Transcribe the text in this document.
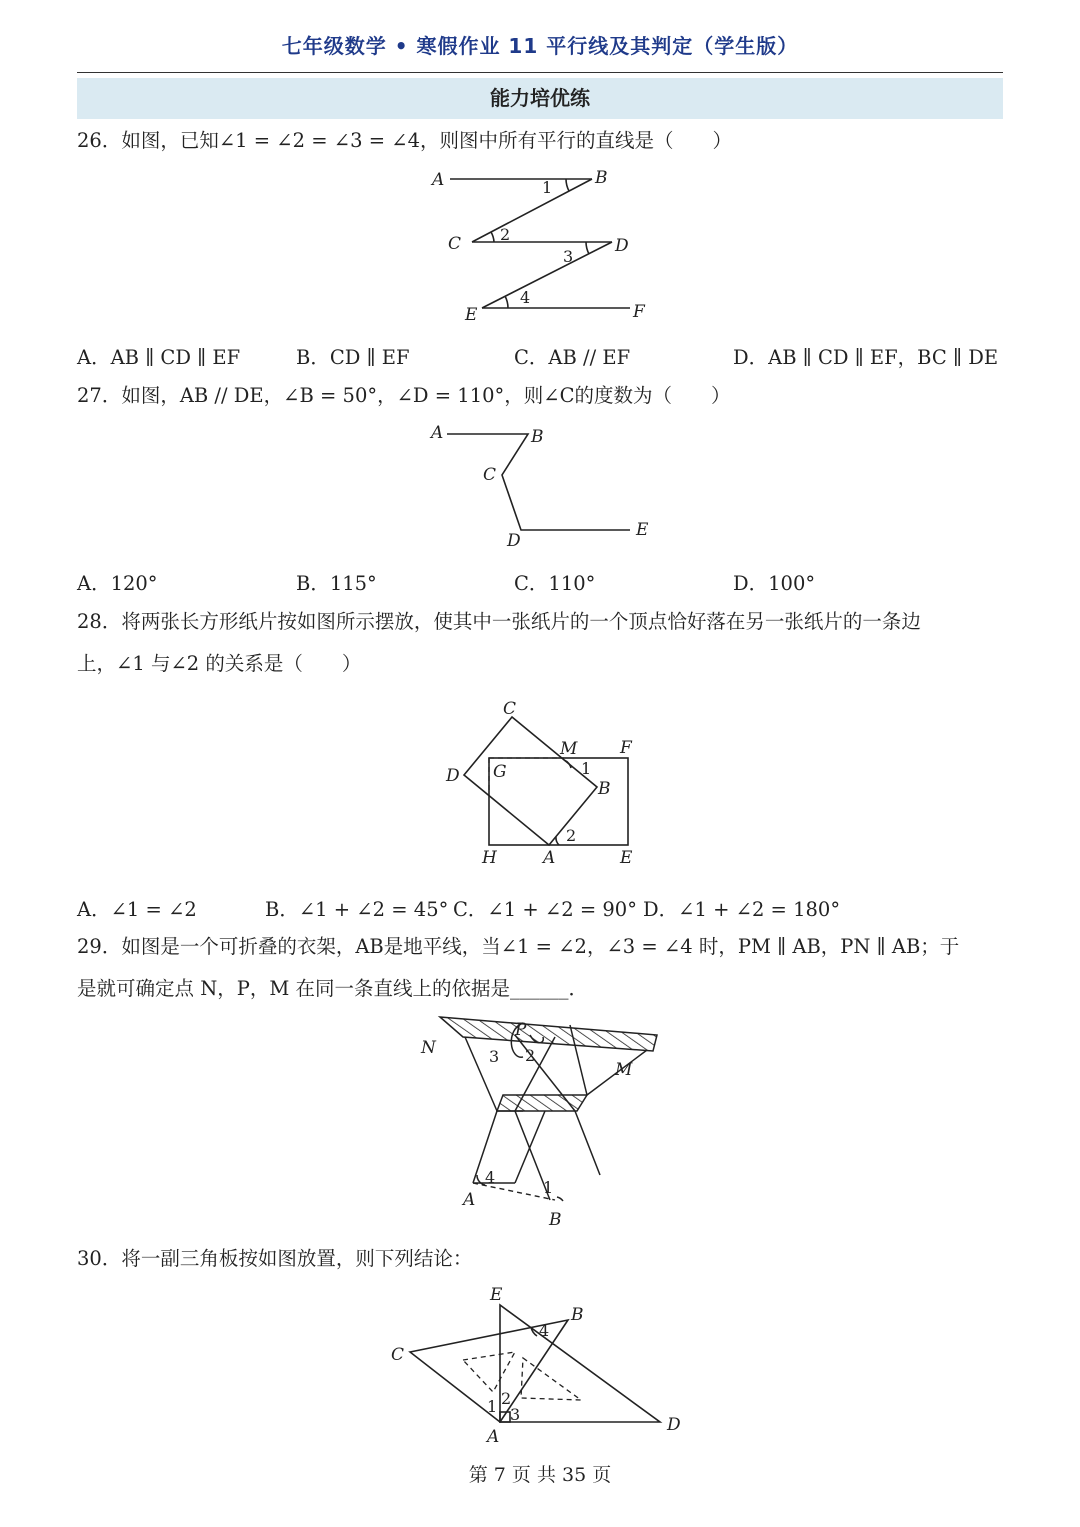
七年级数学 • 寒假作业 11 平行线及其判定（学生版）
能力培优练
26．如图，已知∠1 = ∠2 = ∠3 = ∠4，则图中所有平行的直线是（　　）
A	B
C	D
E	F
1
2
3
4
A．AB ∥ CD ∥ EF	B．CD ∥ EF	C．AB // EF	D．AB ∥ CD ∥ EF，BC ∥ DE
27．如图，AB // DE，∠B = 50°，∠D = 110°，则∠C的度数为（　　）
A	B
C
D
E
A．120°	B．115°	C．110°	D．100°
28．将两张长方形纸片按如图所示摆放，使其中一张纸片的一个顶点恰好落在另一张纸片的一条边
上，∠1 与∠2 的关系是（　　）
C
M	F
D G
B
H	A	E
1
2
A．∠1 = ∠2	B．∠1 + ∠2 = 45° C．∠1 + ∠2 = 90° D．∠1 + ∠2 = 180°
29．如图是一个可折叠的衣架，AB是地平线，当∠1 = ∠2，∠3 = ∠4 时，PM ∥ AB，PN ∥ AB；于
是就可确定点 N，P，M 在同一条直线上的依据是______．
N
P
M
A
B
3 2
4
1
30．将一副三角板按如图放置，则下列结论：
E
B
C
A
D
4
1 2
3
第 7 页 共 35 页
